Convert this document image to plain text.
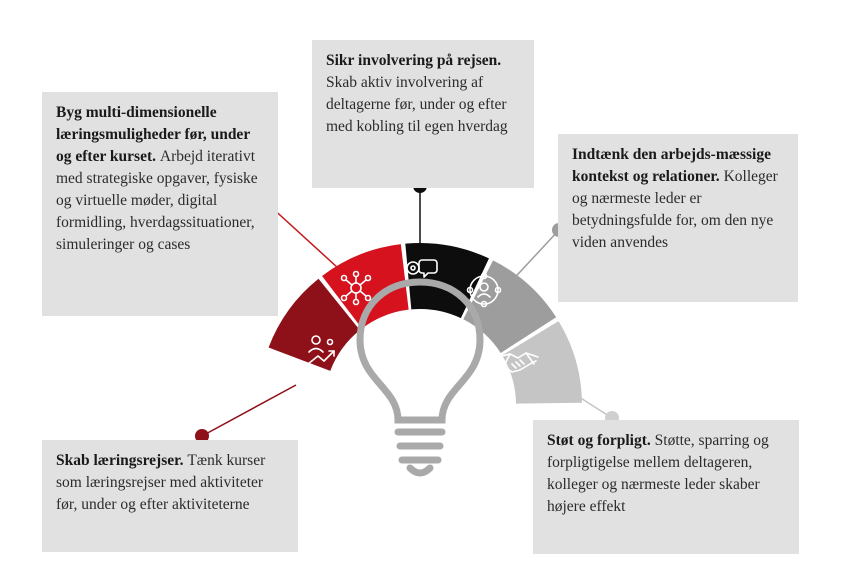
Byg multi-dimensionelle læringsmuligheder før, under og efter kurset. Arbejd iterativt med strategiske opgaver, fysiske og virtuelle møder, digital formidling, hverdagssituationer, simuleringer og cases
Sikr involvering på rejsen. Skab aktiv involvering af deltagerne før, under og efter med kobling til egen hverdag
Indtænk den arbejds-mæssige kontekst og relationer. Kolleger og nærmeste leder er betydningsfulde for, om den nye viden anvendes
Skab læringsrejser. Tænk kurser som læringsrejser med aktiviteter før, under og efter aktiviteterne
Støt og forpligt. Støtte, sparring og forpligtigelse mellem deltageren, kolleger og nærmeste leder skaber højere effekt
